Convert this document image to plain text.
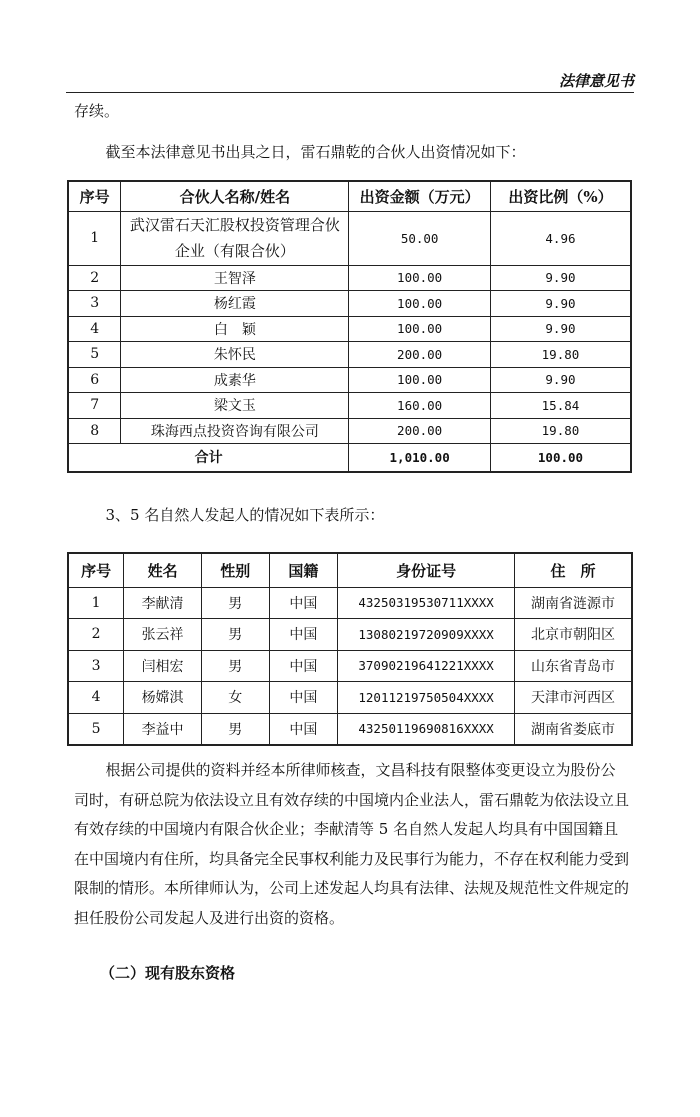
法律意见书

存续。

截至本法律意见书出具之日，雷石鼎乾的合伙人出资情况如下：

序号	合伙人名称/姓名	出资金额（万元）	出资比例（%）
1	武汉雷石天汇股权投资管理合伙企业（有限合伙）	50.00	4.96
2	王智泽	100.00	9.90
3	杨红霞	100.00	9.90
4	白　颖	100.00	9.90
5	朱怀民	200.00	19.80
6	成素华	100.00	9.90
7	梁文玉	160.00	15.84
8	珠海西点投资咨询有限公司	200.00	19.80
合计		1,010.00	100.00

3、5 名自然人发起人的情况如下表所示：

序号	姓名	性别	国籍	身份证号	住　所
1	李献清	男	中国	43250319530711XXXX	湖南省涟源市
2	张云祥	男	中国	13080219720909XXXX	北京市朝阳区
3	闫相宏	男	中国	37090219641221XXXX	山东省青岛市
4	杨嫦淇	女	中国	12011219750504XXXX	天津市河西区
5	李益中	男	中国	43250119690816XXXX	湖南省娄底市

根据公司提供的资料并经本所律师核查，文昌科技有限整体变更设立为股份公司时，有研总院为依法设立且有效存续的中国境内企业法人，雷石鼎乾为依法设立且有效存续的中国境内有限合伙企业；李献清等 5 名自然人发起人均具有中国国籍且在中国境内有住所，均具备完全民事权利能力及民事行为能力，不存在权利能力受到限制的情形。本所律师认为，公司上述发起人均具有法律、法规及规范性文件规定的担任股份公司发起人及进行出资的资格。

（二）现有股东资格
